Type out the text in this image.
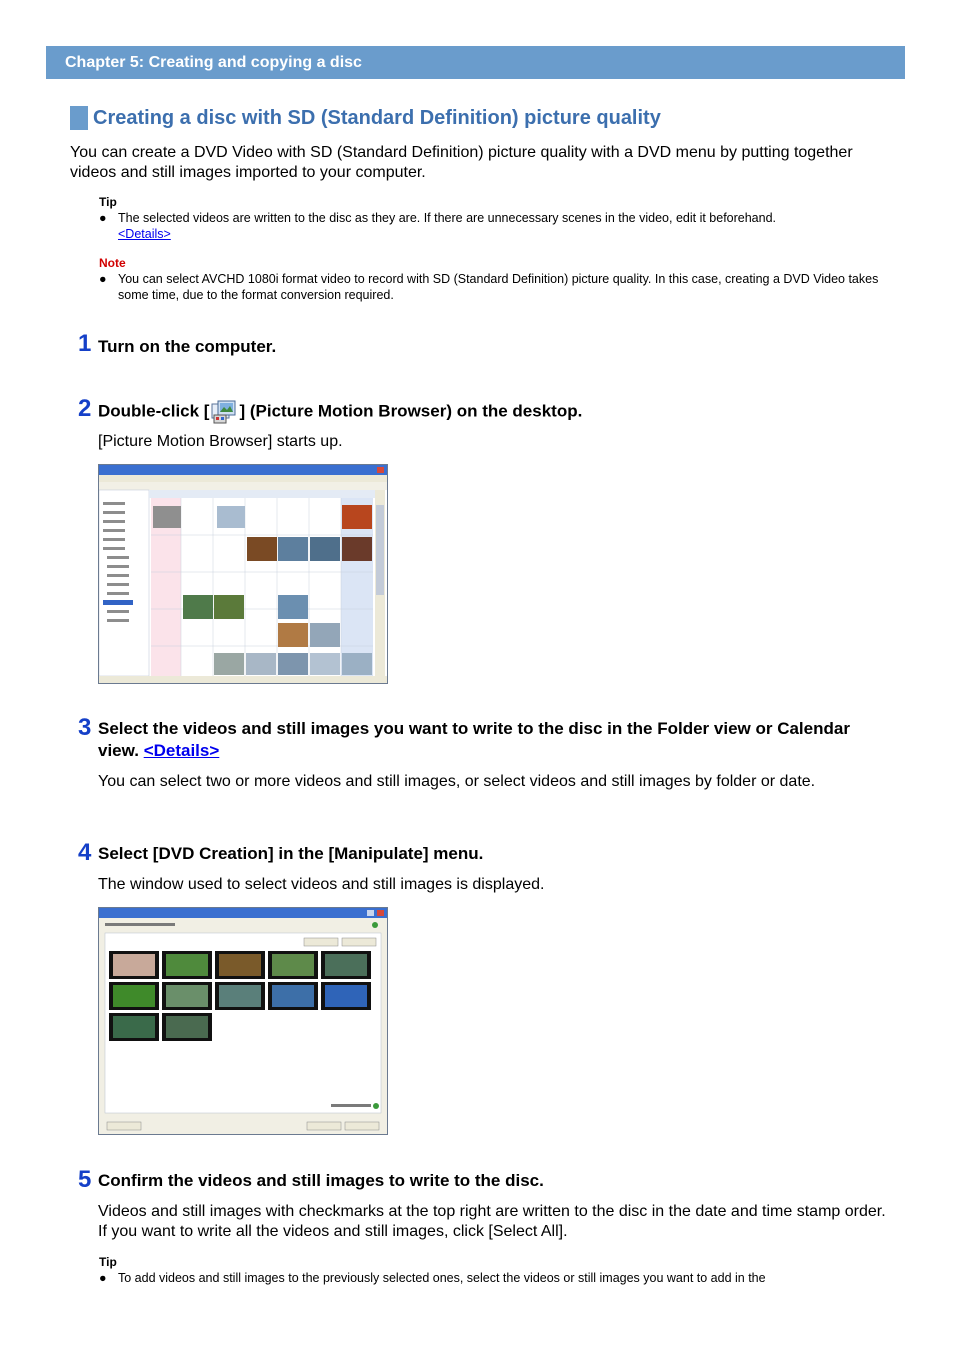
Chapter 5: Creating and copying a disc
Creating a disc with SD (Standard Definition) picture quality

You can create a DVD Video with SD (Standard Definition) picture quality with a DVD menu by putting together videos and still images imported to your computer.

Tip
● The selected videos are written to the disc as they are. If there are unnecessary scenes in the video, edit it beforehand.
<Details>
Note
● You can select AVCHD 1080i format video to record with SD (Standard Definition) picture quality. In this case, creating a DVD Video takes some time, due to the format conversion required.
1 Turn on the computer.

2 Double-click [ ] (Picture Motion Browser) on the desktop.

[Picture Motion Browser] starts up.

3 Select the videos and still images you want to write to the disc in the Folder view or Calendar view. <Details>

You can select two or more videos and still images, or select videos and still images by folder or date.

4 Select [DVD Creation] in the [Manipulate] menu.

The window used to select videos and still images is displayed.

5 Confirm the videos and still images to write to the disc.

Videos and still images with checkmarks at the top right are written to the disc in the date and time stamp order. If you want to write all the videos and still images, click [Select All].

Tip
● To add videos and still images to the previously selected ones, select the videos or still images you want to add in the
